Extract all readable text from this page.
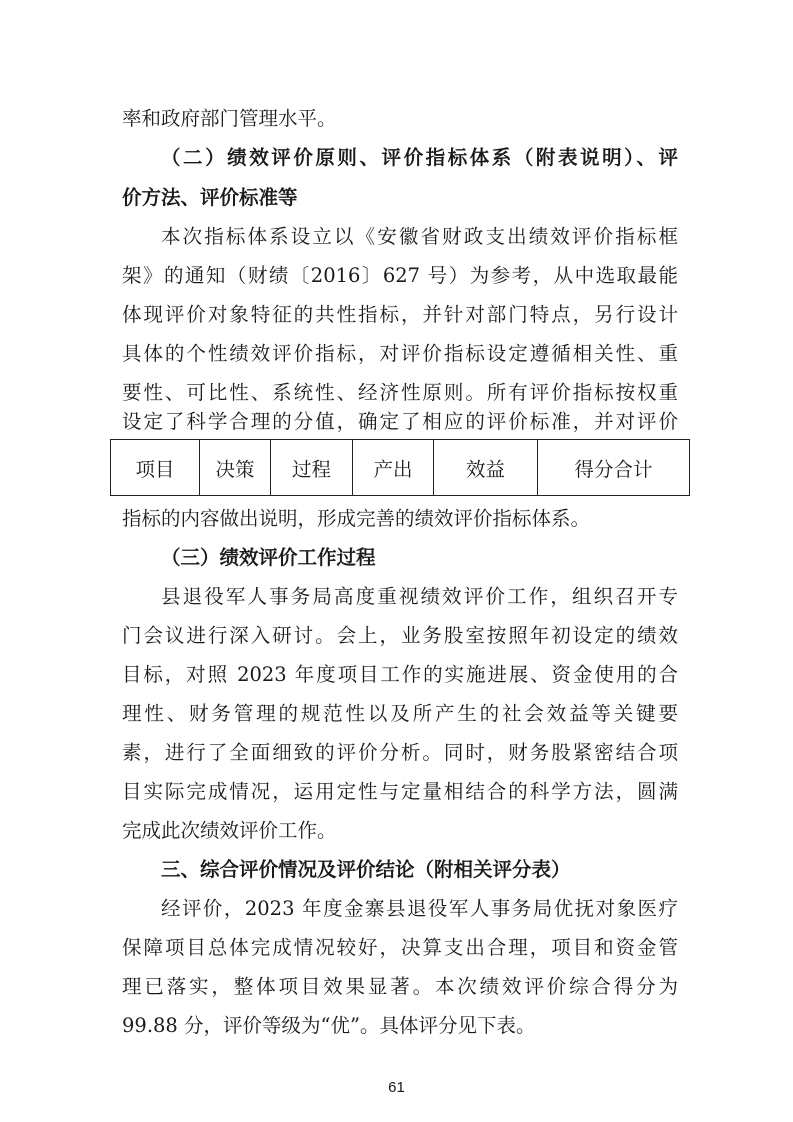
率和政府部门管理水平。
（二）绩效评价原则、评价指标体系（附表说明）、评
价方法、评价标准等
本次指标体系设立以《安徽省财政支出绩效评价指标框
架》的通知（财绩〔2016〕627 号）为参考，从中选取最能
体现评价对象特征的共性指标，并针对部门特点，另行设计
具体的个性绩效评价指标，对评价指标设定遵循相关性、重
要性、可比性、系统性、经济性原则。所有评价指标按权重
设定了科学合理的分值，确定了相应的评价标准，并对评价
项目	决策	过程	产出	效益	得分合计
指标的内容做出说明，形成完善的绩效评价指标体系。
（三）绩效评价工作过程
县退役军人事务局高度重视绩效评价工作，组织召开专
门会议进行深入研讨。会上，业务股室按照年初设定的绩效
目标，对照 2023 年度项目工作的实施进展、资金使用的合
理性、财务管理的规范性以及所产生的社会效益等关键要
素，进行了全面细致的评价分析。同时，财务股紧密结合项
目实际完成情况，运用定性与定量相结合的科学方法，圆满
完成此次绩效评价工作。
三、综合评价情况及评价结论（附相关评分表）
经评价，2023 年度金寨县退役军人事务局优抚对象医疗
保障项目总体完成情况较好，决算支出合理，项目和资金管
理已落实，整体项目效果显著。本次绩效评价综合得分为
99.88 分，评价等级为“优”。具体评分见下表。
61
